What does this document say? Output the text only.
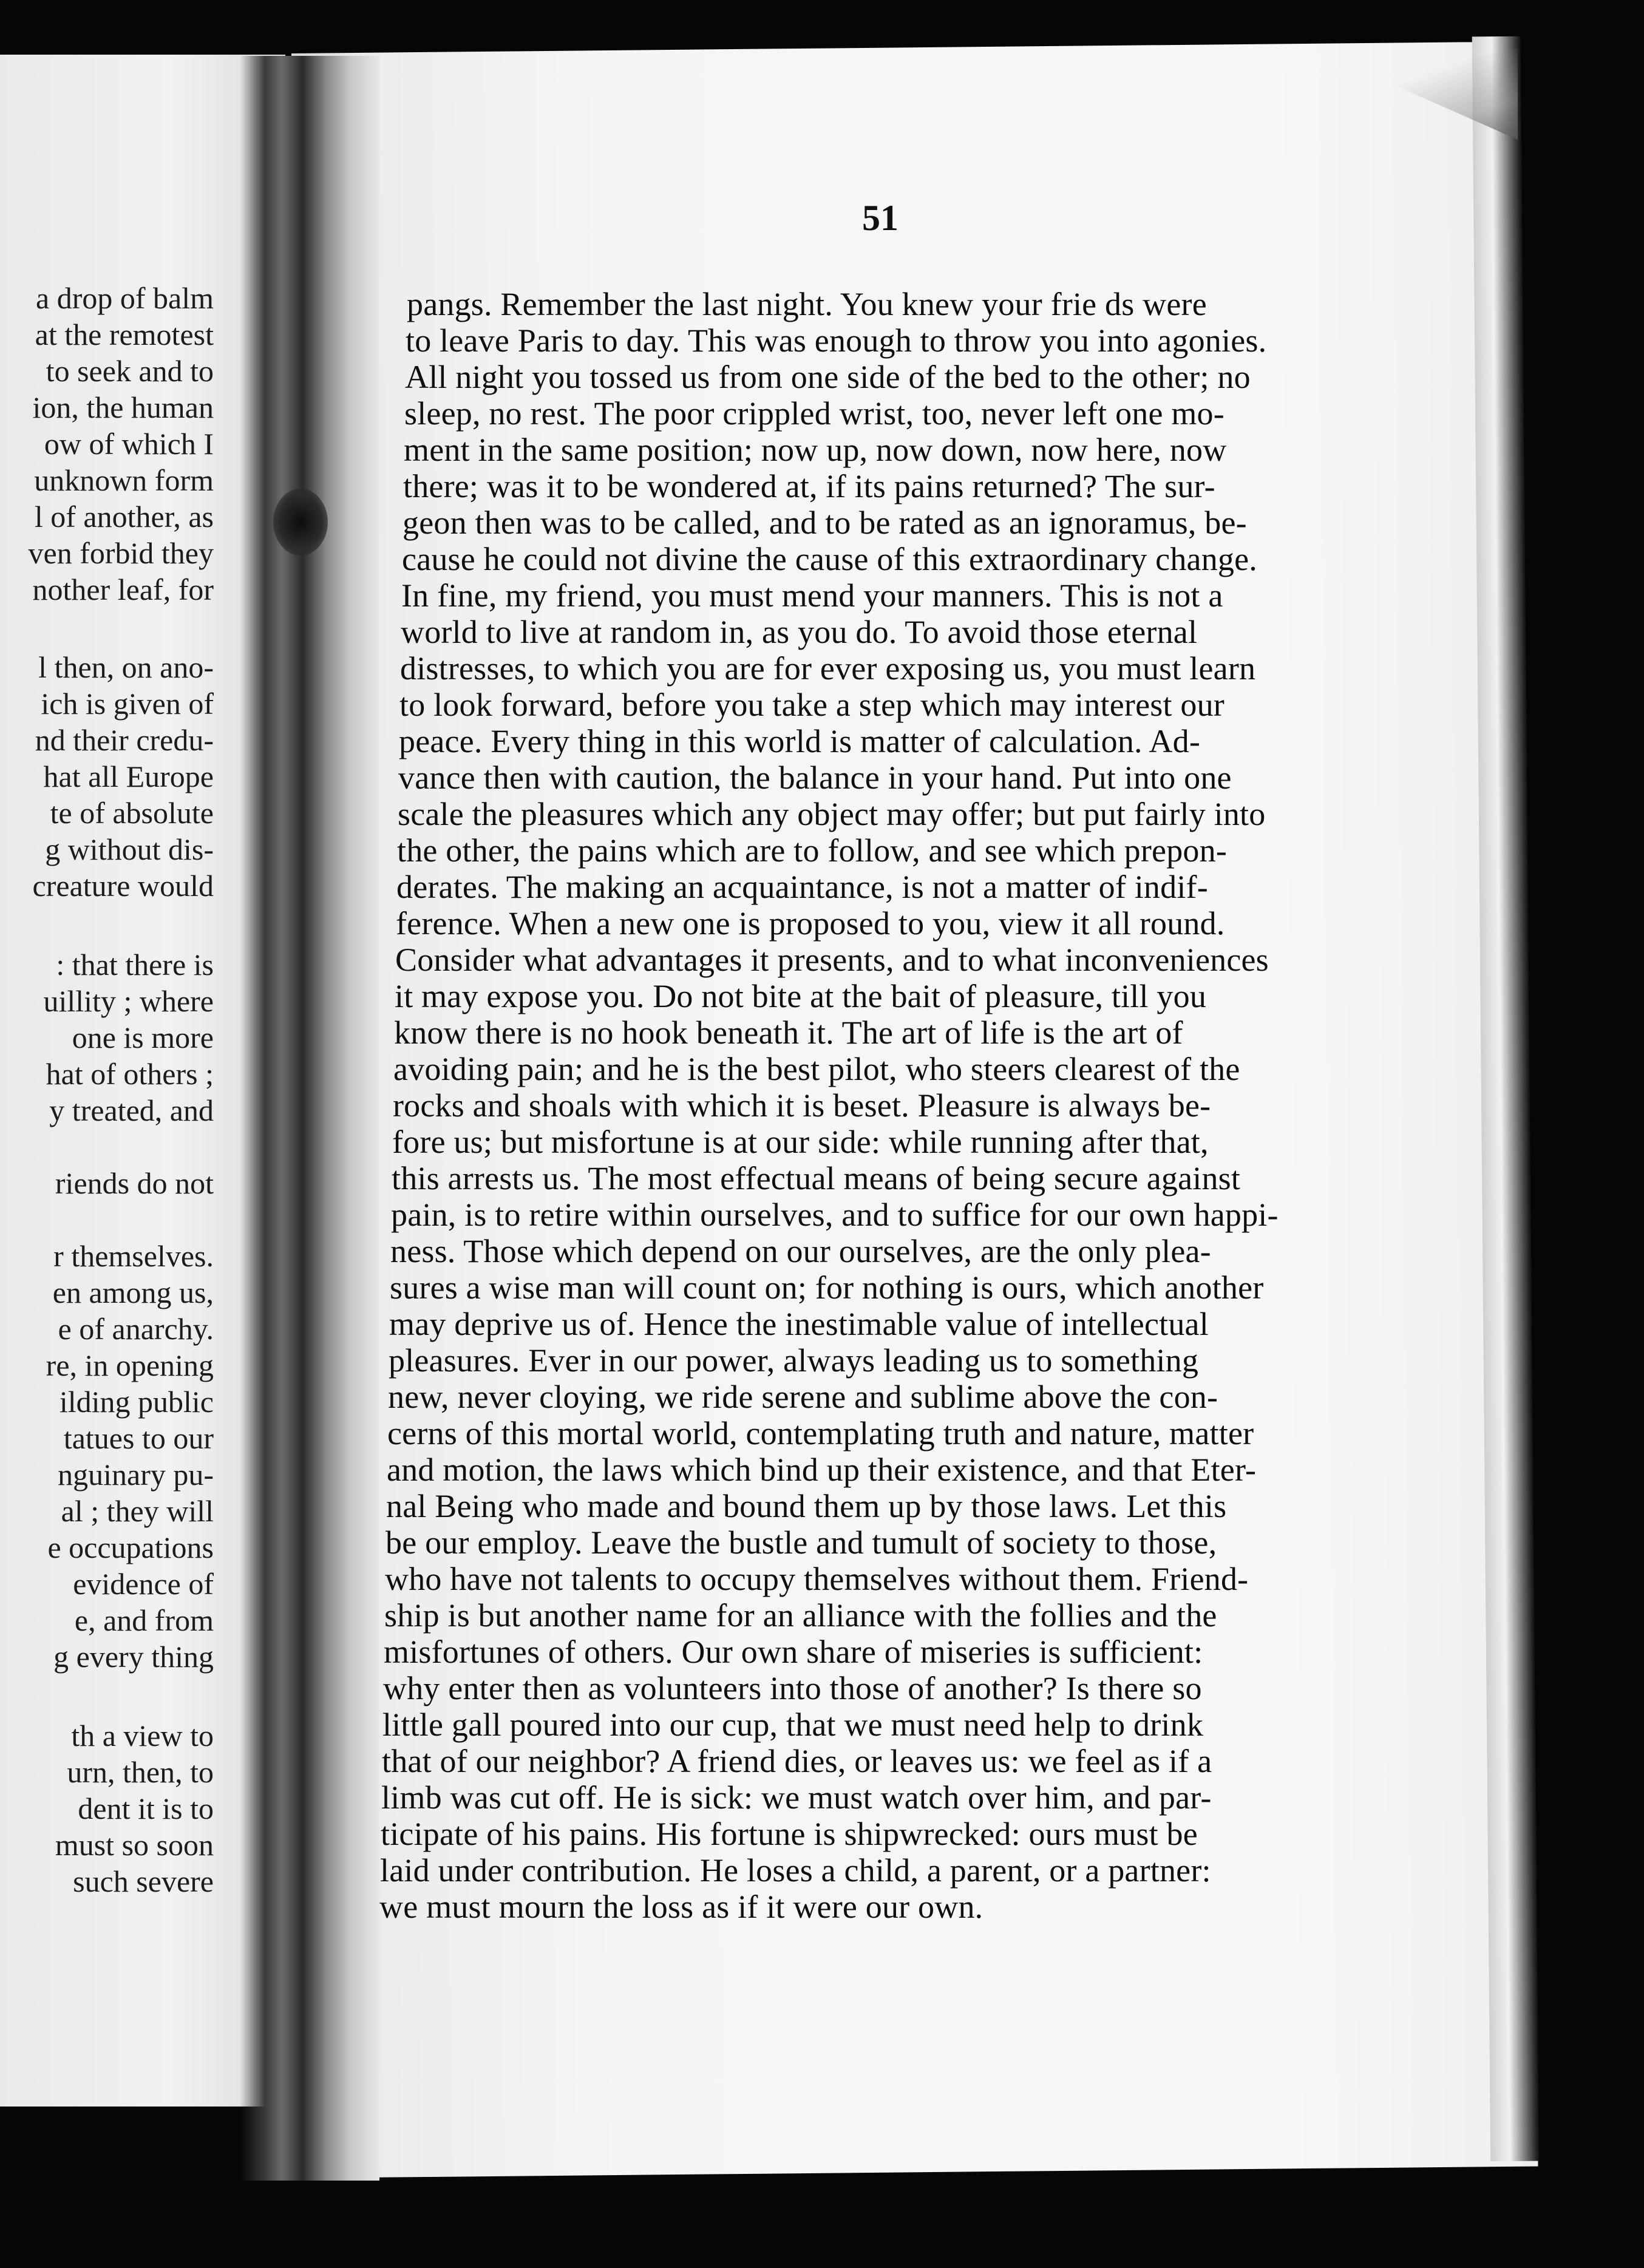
a drop of balm
at the remotest
to seek and to
ion, the human
ow of which I
unknown form
l of another, as
ven forbid they
nother leaf, for
l then, on ano-
ich is given of
nd their credu-
hat all Europe
te of absolute
g without dis-
creature would
: that there is
uillity ; where
one is more
hat of others ;
y treated, and
riends do not
r themselves.
en among us,
e of anarchy.
re, in opening
ilding public
tatues to our
nguinary pu-
al ; they will
e occupations
evidence of
e, and from
g every thing
th a view to
urn, then, to
dent it is to
must so soon
such severe
51
pangs. Remember the last night. You knew your frie ds were
to leave Paris to day. This was enough to throw you into agonies.
All night you tossed us from one side of the bed to the other; no
sleep, no rest. The poor crippled wrist, too, never left one mo-
ment in the same position; now up, now down, now here, now
there; was it to be wondered at, if its pains returned? The sur-
geon then was to be called, and to be rated as an ignoramus, be-
cause he could not divine the cause of this extraordinary change.
In fine, my friend, you must mend your manners. This is not a
world to live at random in, as you do. To avoid those eternal
distresses, to which you are for ever exposing us, you must learn
to look forward, before you take a step which may interest our
peace. Every thing in this world is matter of calculation. Ad-
vance then with caution, the balance in your hand. Put into one
scale the pleasures which any object may offer; but put fairly into
the other, the pains which are to follow, and see which prepon-
derates. The making an acquaintance, is not a matter of indif-
ference. When a new one is proposed to you, view it all round.
Consider what advantages it presents, and to what inconveniences
it may expose you. Do not bite at the bait of pleasure, till you
know there is no hook beneath it. The art of life is the art of
avoiding pain; and he is the best pilot, who steers clearest of the
rocks and shoals with which it is beset. Pleasure is always be-
fore us; but misfortune is at our side: while running after that,
this arrests us. The most effectual means of being secure against
pain, is to retire within ourselves, and to suffice for our own happi-
ness. Those which depend on our ourselves, are the only plea-
sures a wise man will count on; for nothing is ours, which another
may deprive us of. Hence the inestimable value of intellectual
pleasures. Ever in our power, always leading us to something
new, never cloying, we ride serene and sublime above the con-
cerns of this mortal world, contemplating truth and nature, matter
and motion, the laws which bind up their existence, and that Eter-
nal Being who made and bound them up by those laws. Let this
be our employ. Leave the bustle and tumult of society to those,
who have not talents to occupy themselves without them. Friend-
ship is but another name for an alliance with the follies and the
misfortunes of others. Our own share of miseries is sufficient:
why enter then as volunteers into those of another? Is there so
little gall poured into our cup, that we must need help to drink
that of our neighbor? A friend dies, or leaves us: we feel as if a
limb was cut off. He is sick: we must watch over him, and par-
ticipate of his pains. His fortune is shipwrecked: ours must be
laid under contribution. He loses a child, a parent, or a partner:
we must mourn the loss as if it were our own.
